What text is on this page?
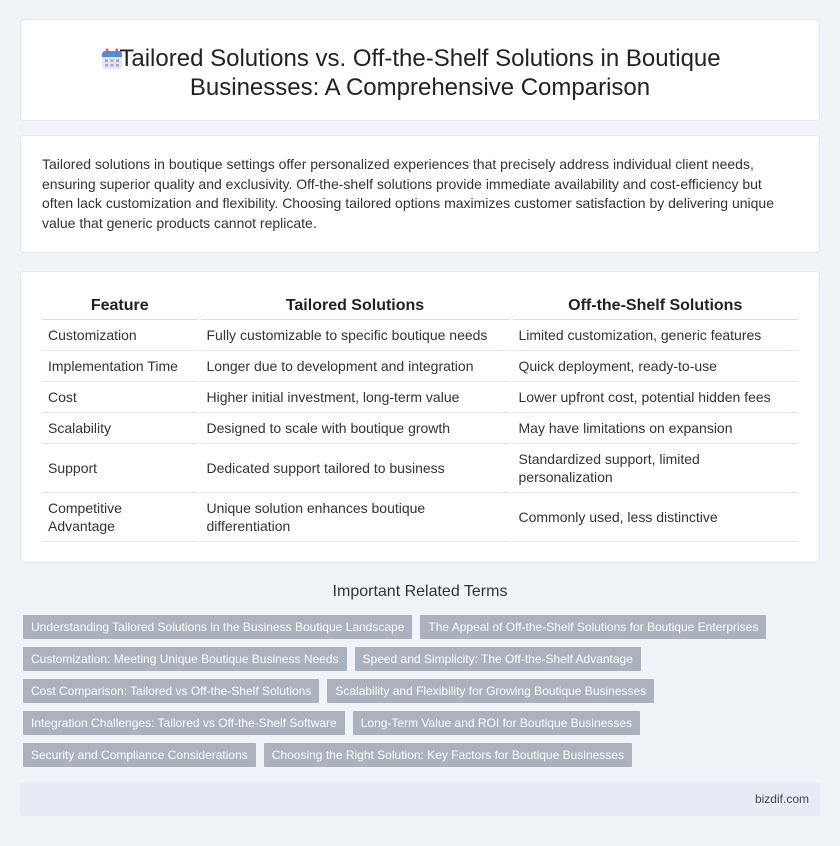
Tailored Solutions vs. Off-the-Shelf Solutions in Boutique
Businesses: A Comprehensive Comparison

Tailored solutions in boutique settings offer personalized experiences that precisely address individual client needs, ensuring superior quality and exclusivity. Off-the-shelf solutions provide immediate availability and cost-efficiency but often lack customization and flexibility. Choosing tailored options maximizes customer satisfaction by delivering unique value that generic products cannot replicate.

Feature	Tailored Solutions	Off-the-Shelf Solutions
Customization	Fully customizable to specific boutique needs	Limited customization, generic features
Implementation Time	Longer due to development and integration	Quick deployment, ready-to-use
Cost	Higher initial investment, long-term value	Lower upfront cost, potential hidden fees
Scalability	Designed to scale with boutique growth	May have limitations on expansion
Support	Dedicated support tailored to business	Standardized support, limited personalization
Competitive Advantage	Unique solution enhances boutique differentiation	Commonly used, less distinctive
Important Related Terms
Understanding Tailored Solutions in the Business Boutique Landscape	The Appeal of Off-the-Shelf Solutions for Boutique Enterprises
Customization: Meeting Unique Boutique Business Needs	Speed and Simplicity: The Off-the-Shelf Advantage
Cost Comparison: Tailored vs Off-the-Shelf Solutions	Scalability and Flexibility for Growing Boutique Businesses
Integration Challenges: Tailored vs Off-the-Shelf Software	Long-Term Value and ROI for Boutique Businesses
Security and Compliance Considerations	Choosing the Right Solution: Key Factors for Boutique Businesses
bizdif.com
